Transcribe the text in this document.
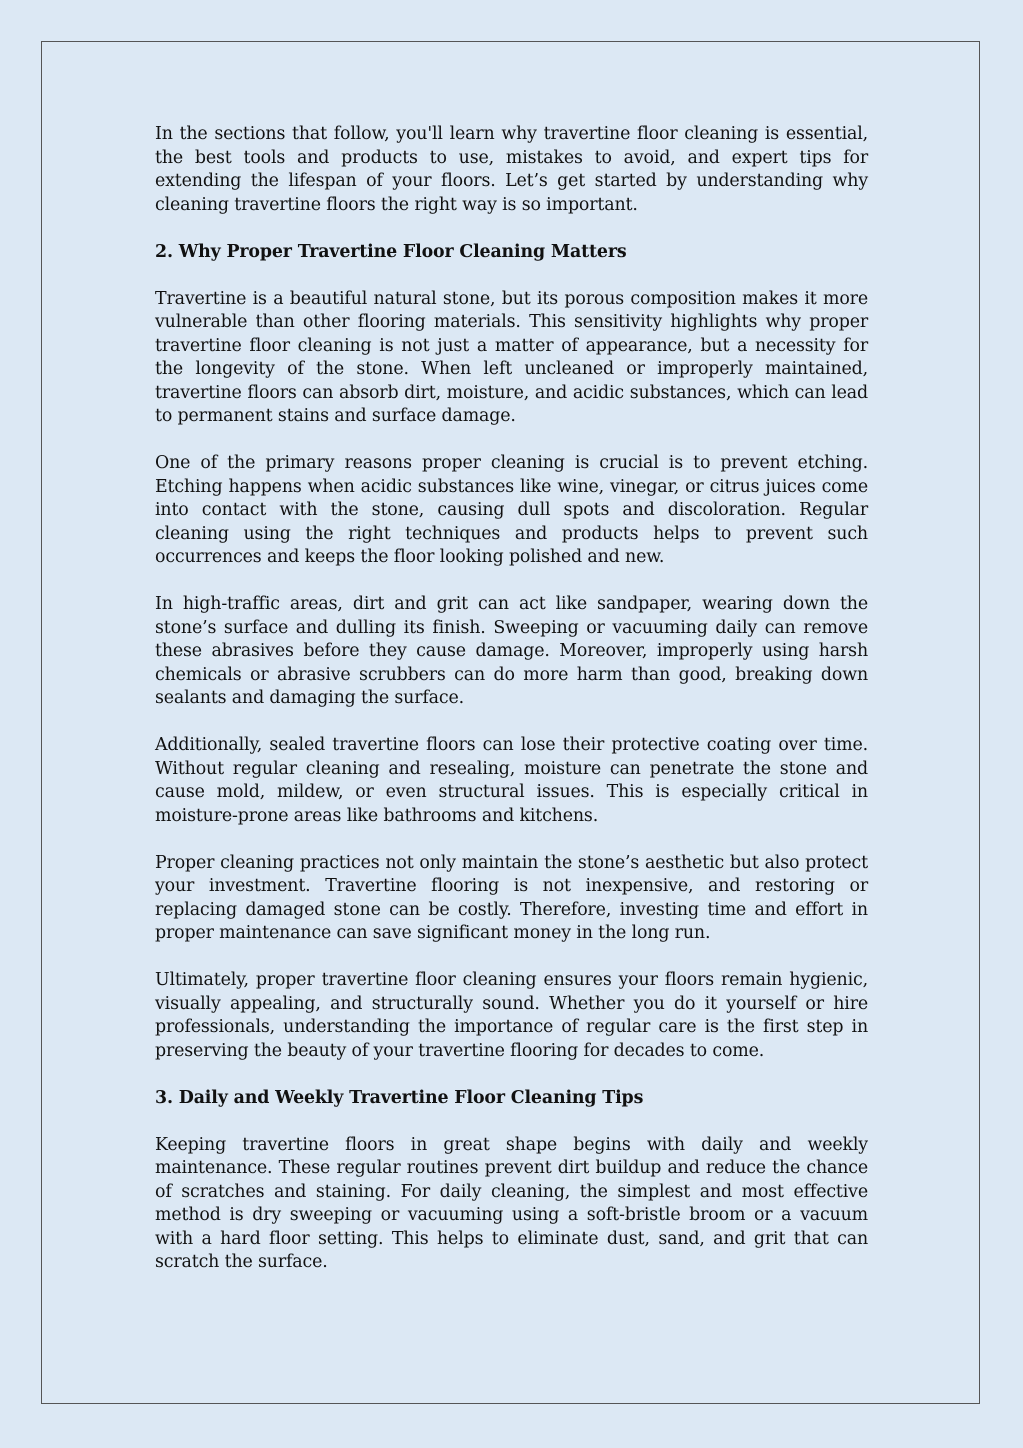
In the sections that follow, you'll learn why travertine floor cleaning is essential, the best tools and products to use, mistakes to avoid, and expert tips for extending the lifespan of your floors. Let’s get started by understanding why cleaning travertine floors the right way is so important.

2. Why Proper Travertine Floor Cleaning Matters

Travertine is a beautiful natural stone, but its porous composition makes it more vulnerable than other flooring materials. This sensitivity highlights why proper travertine floor cleaning is not just a matter of appearance, but a necessity for the longevity of the stone. When left uncleaned or improperly maintained, travertine floors can absorb dirt, moisture, and acidic substances, which can lead to permanent stains and surface damage.

One of the primary reasons proper cleaning is crucial is to prevent etching. Etching happens when acidic substances like wine, vinegar, or citrus juices come into contact with the stone, causing dull spots and discoloration. Regular cleaning using the right techniques and products helps to prevent such occurrences and keeps the floor looking polished and new.

In high-traffic areas, dirt and grit can act like sandpaper, wearing down the stone’s surface and dulling its finish. Sweeping or vacuuming daily can remove these abrasives before they cause damage. Moreover, improperly using harsh chemicals or abrasive scrubbers can do more harm than good, breaking down sealants and damaging the surface.

Additionally, sealed travertine floors can lose their protective coating over time. Without regular cleaning and resealing, moisture can penetrate the stone and cause mold, mildew, or even structural issues. This is especially critical in moisture-prone areas like bathrooms and kitchens.

Proper cleaning practices not only maintain the stone’s aesthetic but also protect your investment. Travertine flooring is not inexpensive, and restoring or replacing damaged stone can be costly. Therefore, investing time and effort in proper maintenance can save significant money in the long run.

Ultimately, proper travertine floor cleaning ensures your floors remain hygienic, visually appealing, and structurally sound. Whether you do it yourself or hire professionals, understanding the importance of regular care is the first step in preserving the beauty of your travertine flooring for decades to come.

3. Daily and Weekly Travertine Floor Cleaning Tips

Keeping travertine floors in great shape begins with daily and weekly maintenance. These regular routines prevent dirt buildup and reduce the chance of scratches and staining. For daily cleaning, the simplest and most effective method is dry sweeping or vacuuming using a soft-bristle broom or a vacuum with a hard floor setting. This helps to eliminate dust, sand, and grit that can scratch the surface.
